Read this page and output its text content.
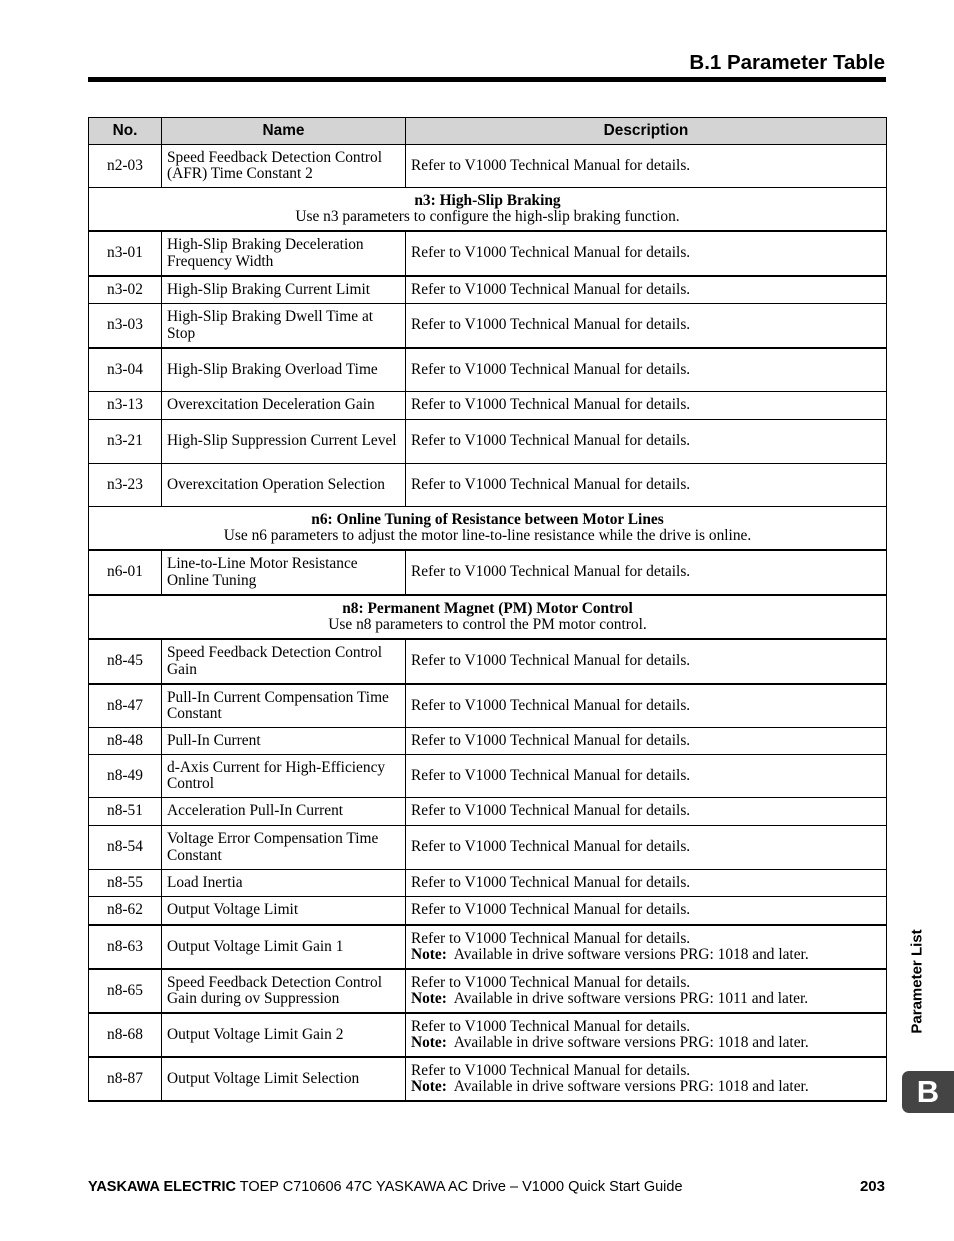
B.1 Parameter Table
No.	Name	Description
n2-03	Speed Feedback Detection Control (AFR) Time Constant 2	Refer to V1000 Technical Manual for details.

n3: High-Slip Braking
Use n3 parameters to configure the high-slip braking function.		

n3-01	High-Slip Braking Deceleration Frequency Width	Refer to V1000 Technical Manual for details.
n3-02	High-Slip Braking Current Limit	Refer to V1000 Technical Manual for details.
n3-03	High-Slip Braking Dwell Time at Stop	Refer to V1000 Technical Manual for details.
n3-04	High-Slip Braking Overload Time	Refer to V1000 Technical Manual for details.
n3-13	Overexcitation Deceleration Gain	Refer to V1000 Technical Manual for details.
n3-21	High-Slip Suppression Current Level	Refer to V1000 Technical Manual for details.
n3-23	Overexcitation Operation Selection	Refer to V1000 Technical Manual for details.

n6: Online Tuning of Resistance between Motor Lines
Use n6 parameters to adjust the motor line-to-line resistance while the drive is online.		

n6-01	Line-to-Line Motor Resistance Online Tuning	Refer to V1000 Technical Manual for details.

n8: Permanent Magnet (PM) Motor Control
Use n8 parameters to control the PM motor control.		

n8-45	Speed Feedback Detection Control Gain	Refer to V1000 Technical Manual for details.
n8-47	Pull-In Current Compensation Time Constant	Refer to V1000 Technical Manual for details.
n8-48	Pull-In Current	Refer to V1000 Technical Manual for details.
n8-49	d-Axis Current for High-Efficiency Control	Refer to V1000 Technical Manual for details.
n8-51	Acceleration Pull-In Current	Refer to V1000 Technical Manual for details.
n8-54	Voltage Error Compensation Time Constant	Refer to V1000 Technical Manual for details.
n8-55	Load Inertia	Refer to V1000 Technical Manual for details.
n8-62	Output Voltage Limit	Refer to V1000 Technical Manual for details.
n8-63	Output Voltage Limit Gain 1	Refer to V1000 Technical Manual for details.
Note: Available in drive software versions PRG: 1018 and later.

n8-65	Speed Feedback Detection Control Gain during ov Suppression	Refer to V1000 Technical Manual for details.
Note: Available in drive software versions PRG: 1011 and later.

n8-68	Output Voltage Limit Gain 2	Refer to V1000 Technical Manual for details.
Note: Available in drive software versions PRG: 1018 and later.

n8-87	Output Voltage Limit Selection	Refer to V1000 Technical Manual for details.
Note: Available in drive software versions PRG: 1018 and later.
Parameter List
B
YASKAWA ELECTRIC TOEP C710606 47C YASKAWA AC Drive – V1000 Quick Start Guide	203
